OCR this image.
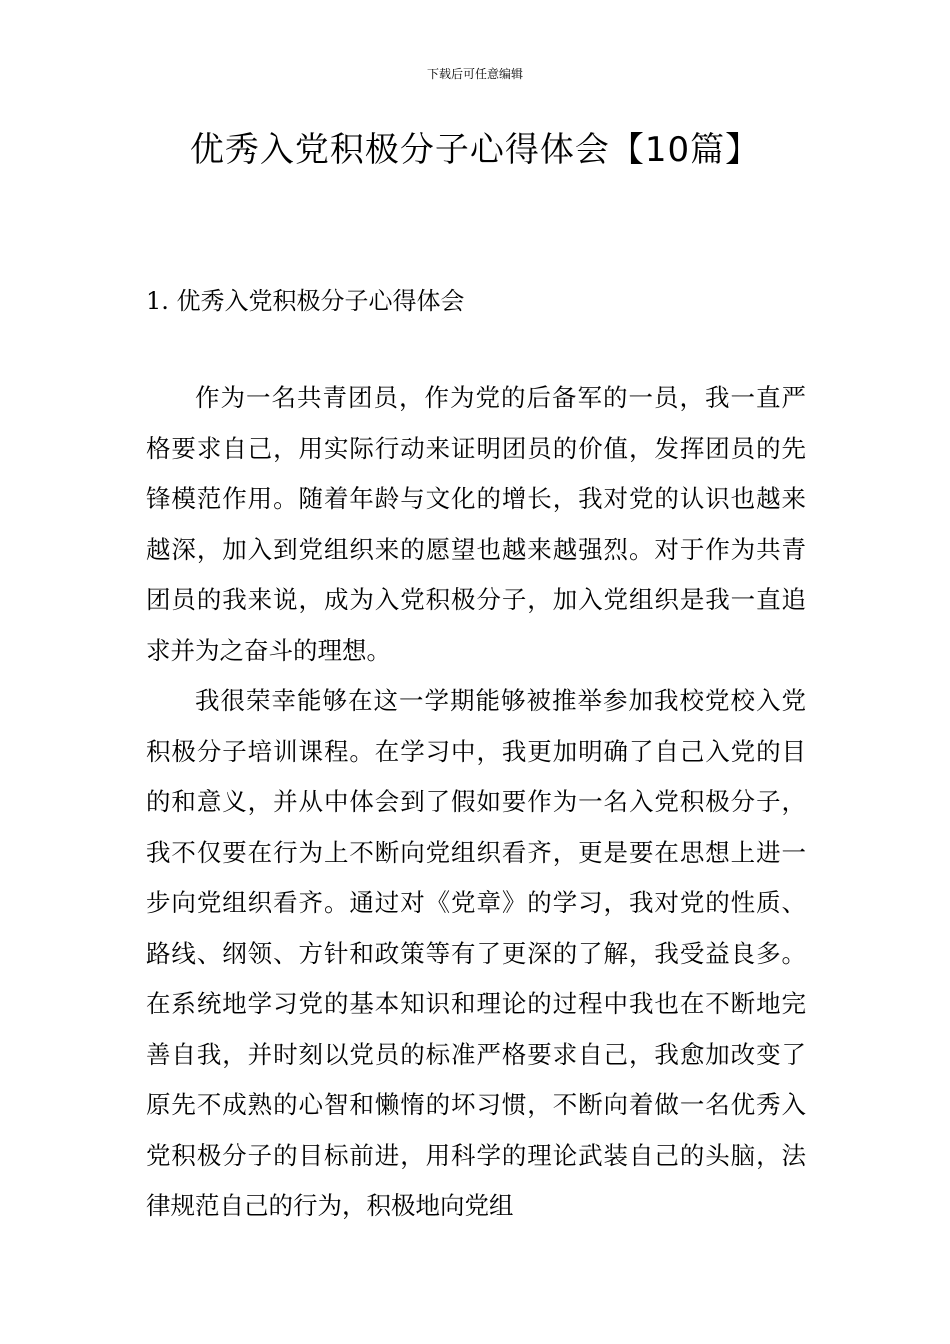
下载后可任意编辑
优秀入党积极分子心得体会【10篇】
1. 优秀入党积极分子心得体会

作为一名共青团员，作为党的后备军的一员，我一直严格要求自己，用实际行动来证明团员的价值，发挥团员的先锋模范作用。随着年龄与文化的增长，我对党的认识也越来越深，加入到党组织来的愿望也越来越强烈。对于作为共青团员的我来说，成为入党积极分子，加入党组织是我一直追求并为之奋斗的理想。

我很荣幸能够在这一学期能够被推举参加我校党校入党积极分子培训课程。在学习中，我更加明确了自己入党的目的和意义，并从中体会到了假如要作为一名入党积极分子，我不仅要在行为上不断向党组织看齐，更是要在思想上进一步向党组织看齐。通过对《党章》的学习，我对党的性质、路线、纲领、方针和政策等有了更深的了解，我受益良多。在系统地学习党的基本知识和理论的过程中我也在不断地完善自我，并时刻以党员的标准严格要求自己，我愈加改变了原先不成熟的心智和懒惰的坏习惯，不断向着做一名优秀入党积极分子的目标前进，用科学的理论武装自己的头脑，法律规范自己的行为，积极地向党组
